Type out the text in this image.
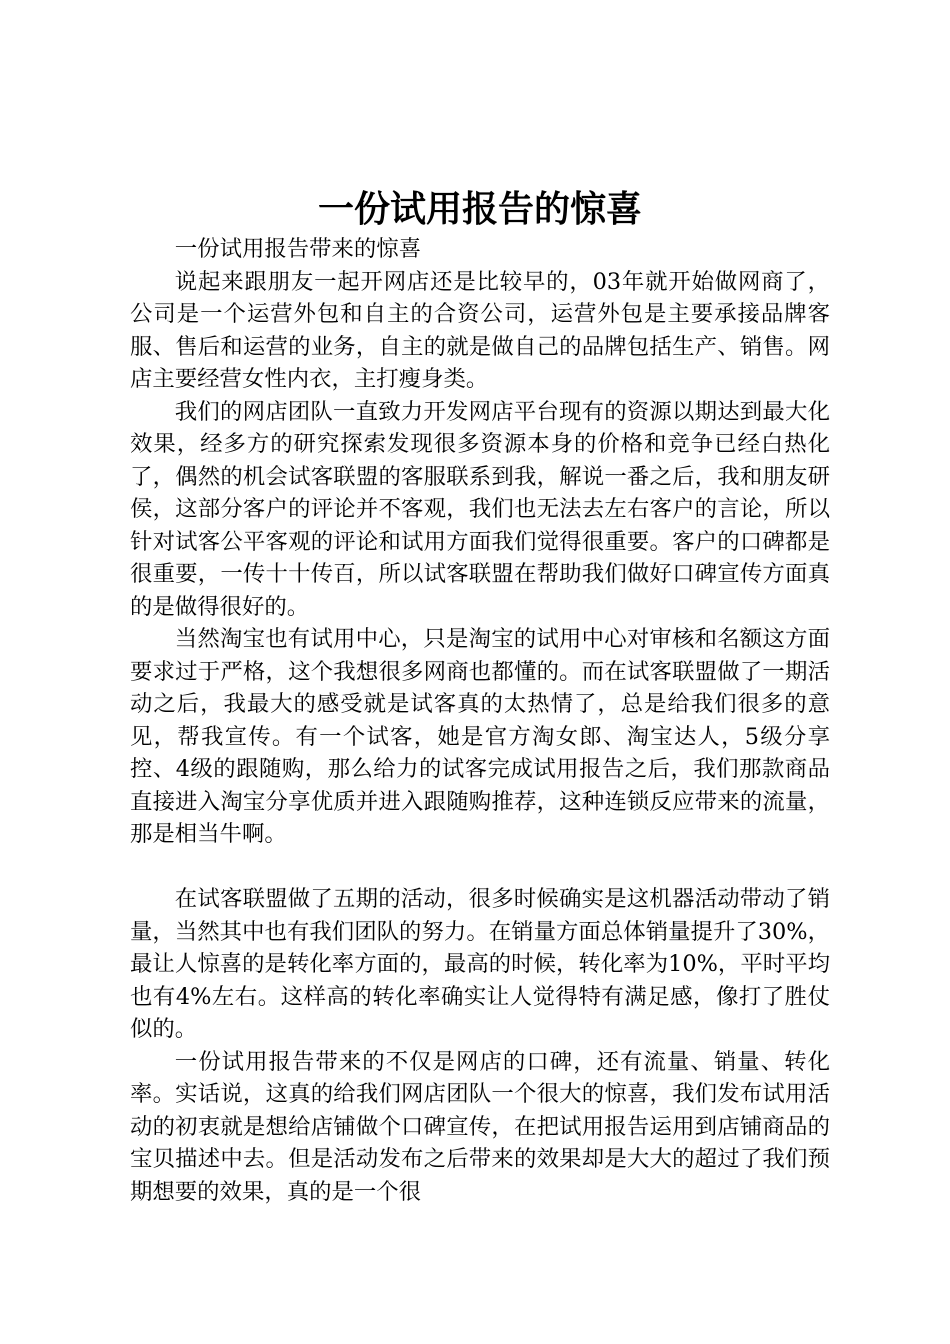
一份试用报告的惊喜

一份试用报告带来的惊喜

说起来跟朋友一起开网店还是比较早的，03年就开始做网商了，公司是一个运营外包和自主的合资公司，运营外包是主要承接品牌客服、售后和运营的业务，自主的就是做自己的品牌包括生产、销售。网店主要经营女性内衣，主打瘦身类。

我们的网店团队一直致力开发网店平台现有的资源以期达到最大化效果，经多方的研究探索发现很多资源本身的价格和竞争已经白热化了，偶然的机会试客联盟的客服联系到我，解说一番之后，我和朋友研侯，这部分客户的评论并不客观，我们也无法去左右客户的言论，所以针对试客公平客观的评论和试用方面我们觉得很重要。客户的口碑都是很重要，一传十十传百，所以试客联盟在帮助我们做好口碑宣传方面真的是做得很好的。

当然淘宝也有试用中心，只是淘宝的试用中心对审核和名额这方面要求过于严格，这个我想很多网商也都懂的。而在试客联盟做了一期活动之后，我最大的感受就是试客真的太热情了，总是给我们很多的意见，帮我宣传。有一个试客，她是官方淘女郎、淘宝达人，5级分享控、4级的跟随购，那么给力的试客完成试用报告之后，我们那款商品直接进入淘宝分享优质并进入跟随购推荐，这种连锁反应带来的流量，那是相当牛啊。

在试客联盟做了五期的活动，很多时候确实是这机器活动带动了销量，当然其中也有我们团队的努力。在销量方面总体销量提升了30%，最让人惊喜的是转化率方面的，最高的时候，转化率为10%，平时平均也有4%左右。这样高的转化率确实让人觉得特有满足感，像打了胜仗似的。

一份试用报告带来的不仅是网店的口碑，还有流量、销量、转化率。实话说，这真的给我们网店团队一个很大的惊喜，我们发布试用活动的初衷就是想给店铺做个口碑宣传，在把试用报告运用到店铺商品的宝贝描述中去。但是活动发布之后带来的效果却是大大的超过了我们预期想要的效果，真的是一个很
